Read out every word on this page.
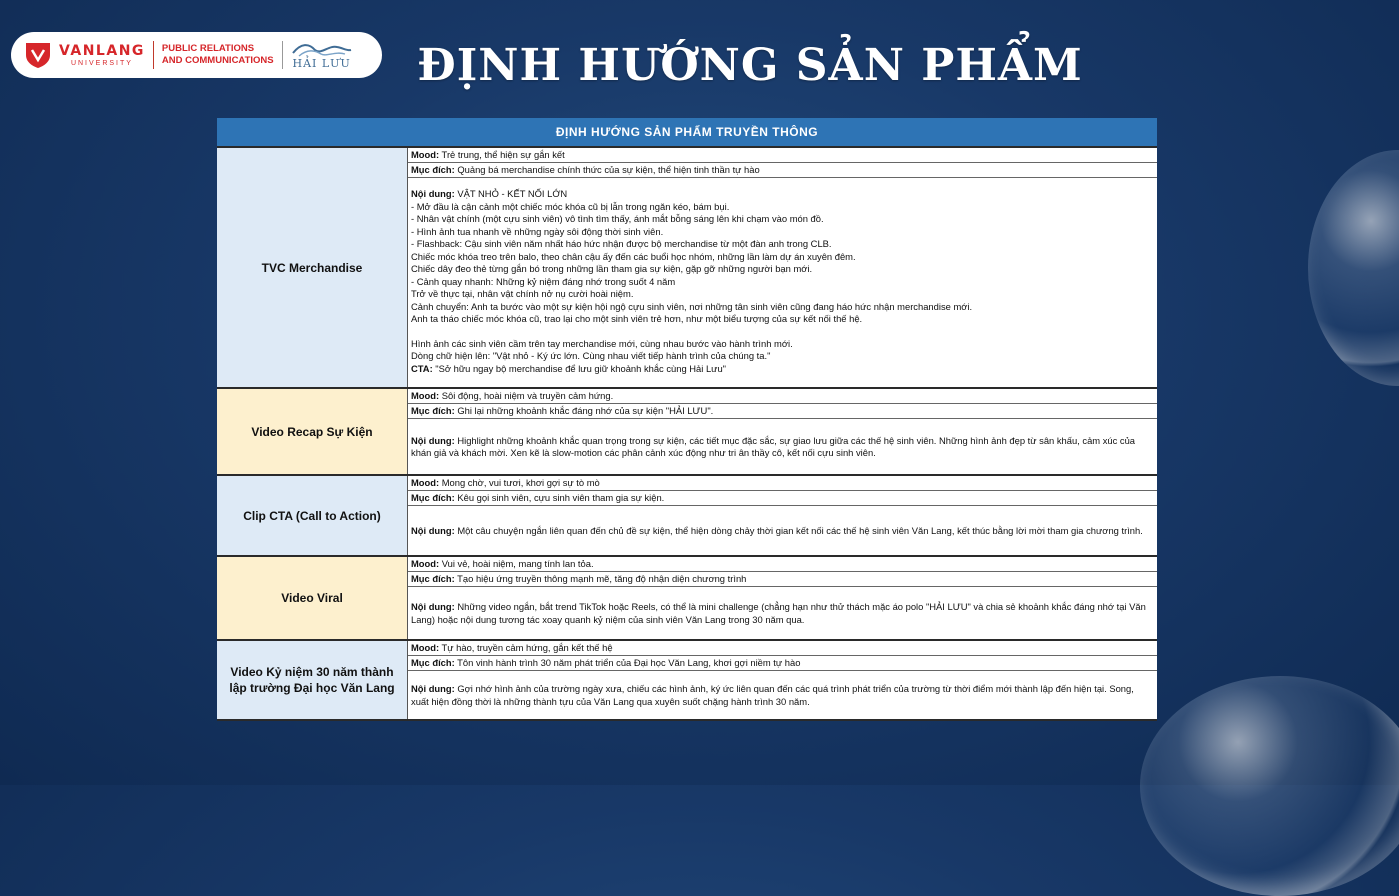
VANLANG
UNIVERSITY
PUBLIC RELATIONS
AND COMMUNICATIONS HẢI LƯU	ĐỊNH HƯỚNG SẢN PHẨM
ĐỊNH HƯỚNG SẢN PHẨM TRUYỀN THÔNG
TVC Merchandise
Mood: Trẻ trung, thể hiện sự gắn kết
Mục đích: Quảng bá merchandise chính thức của sự kiện, thể hiện tinh thần tự hào
Nội dung: VẬT NHỎ - KẾT NỐI LỚN
- Mở đầu là cận cảnh một chiếc móc khóa cũ bị lẫn trong ngăn kéo, bám bụi.
- Nhân vật chính (một cựu sinh viên) vô tình tìm thấy, ánh mắt bỗng sáng lên khi chạm vào món đồ.
- Hình ảnh tua nhanh về những ngày sôi động thời sinh viên.
- Flashback: Cậu sinh viên năm nhất háo hức nhận được bộ merchandise từ một đàn anh trong CLB.
Chiếc móc khóa treo trên balo, theo chân cậu ấy đến các buổi học nhóm, những lần làm dự án xuyên đêm.
Chiếc dây đeo thẻ từng gắn bó trong những lần tham gia sự kiện, gặp gỡ những người bạn mới.
- Cảnh quay nhanh: Những kỷ niệm đáng nhớ trong suốt 4 năm
Trở về thực tại, nhân vật chính nở nụ cười hoài niệm.
Cảnh chuyển: Anh ta bước vào một sự kiện hội ngộ cựu sinh viên, nơi những tân sinh viên cũng đang háo hức nhận merchandise mới.
Anh ta tháo chiếc móc khóa cũ, trao lại cho một sinh viên trẻ hơn, như một biểu tượng của sự kết nối thế hệ.
Hình ảnh các sinh viên cầm trên tay merchandise mới, cùng nhau bước vào hành trình mới.
Dòng chữ hiện lên: "Vật nhỏ - Ký ức lớn. Cùng nhau viết tiếp hành trình của chúng ta."
CTA: "Sở hữu ngay bộ merchandise để lưu giữ khoảnh khắc cùng Hải Lưu"
Video Recap Sự Kiện
Mood: Sôi động, hoài niệm và truyền cảm hứng.
Mục đích: Ghi lại những khoảnh khắc đáng nhớ của sự kiện "HẢI LƯU".
Nội dung: Highlight những khoảnh khắc quan trọng trong sự kiện, các tiết mục đặc sắc, sự giao lưu giữa các thế hệ sinh viên. Những hình ảnh đẹp từ sân khấu, cảm xúc của khán giả và khách mời. Xen kẽ là slow-motion các phân cảnh xúc động như tri ân thầy cô, kết nối cựu sinh viên.
Clip CTA (Call to Action)
Mood: Mong chờ, vui tươi, khơi gợi sự tò mò
Mục đích: Kêu gọi sinh viên, cựu sinh viên tham gia sự kiện.
Nội dung: Một câu chuyện ngắn liên quan đến chủ đề sự kiện, thể hiện dòng chảy thời gian kết nối các thế hệ sinh viên Văn Lang, kết thúc bằng lời mời tham gia chương trình.
Video Viral
Mood: Vui vẻ, hoài niệm, mang tính lan tỏa.
Mục đích: Tạo hiệu ứng truyền thông mạnh mẽ, tăng độ nhận diện chương trình
Nội dung: Những video ngắn, bắt trend TikTok hoặc Reels, có thể là mini challenge (chẳng hạn như thử thách mặc áo polo "HẢI LƯU" và chia sẻ khoảnh khắc đáng nhớ tại Văn Lang) hoặc nội dung tương tác xoay quanh kỷ niệm của sinh viên Văn Lang trong 30 năm qua.
Video Kỷ niệm 30 năm thành lập trường Đại học Văn Lang
Mood: Tự hào, truyền cảm hứng, gắn kết thế hệ
Mục đích: Tôn vinh hành trình 30 năm phát triển của Đại học Văn Lang, khơi gợi niềm tự hào
Nội dung: Gợi nhớ hình ảnh của trường ngày xưa, chiếu các hình ảnh, ký ức liên quan đến các quá trình phát triển của trường từ thời điểm mới thành lập đến hiện tại. Song, xuất hiện đồng thời là những thành tựu của Văn Lang qua xuyên suốt chặng hành trình 30 năm.
